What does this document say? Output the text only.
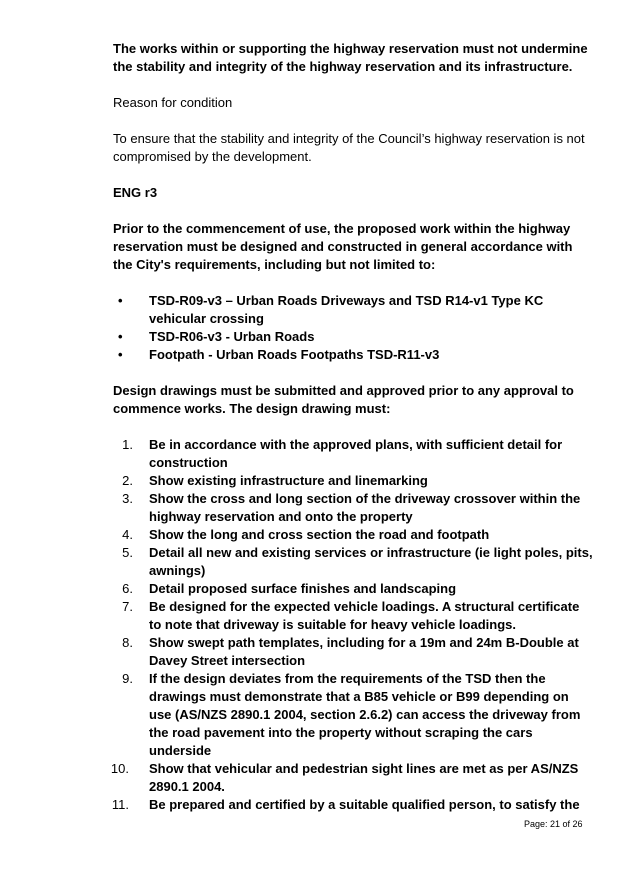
The works within or supporting the highway reservation must not undermine the stability and integrity of the highway reservation and its infrastructure.

Reason for condition

To ensure that the stability and integrity of the Council’s highway reservation is not compromised by the development.

ENG r3

Prior to the commencement of use, the proposed work within the highway reservation must be designed and constructed in general accordance with the City's requirements, including but not limited to:

• TSD-R09-v3 – Urban Roads Driveways and TSD R14-v1 Type KC vehicular crossing
• TSD-R06-v3 - Urban Roads
• Footpath - Urban Roads Footpaths TSD-R11-v3

Design drawings must be submitted and approved prior to any approval to commence works. The design drawing must:

1. Be in accordance with the approved plans, with sufficient detail for construction
2. Show existing infrastructure and linemarking
3. Show the cross and long section of the driveway crossover within the highway reservation and onto the property
4. Show the long and cross section the road and footpath
5. Detail all new and existing services or infrastructure (ie light poles, pits, awnings)
6. Detail proposed surface finishes and landscaping
7. Be designed for the expected vehicle loadings. A structural certificate to note that driveway is suitable for heavy vehicle loadings.
8. Show swept path templates, including for a 19m and 24m B-Double at Davey Street intersection
9. If the design deviates from the requirements of the TSD then the drawings must demonstrate that a B85 vehicle or B99 depending on use (AS/NZS 2890.1 2004, section 2.6.2) can access the driveway from the road pavement into the property without scraping the cars underside
10. Show that vehicular and pedestrian sight lines are met as per AS/NZS 2890.1 2004.
11. Be prepared and certified by a suitable qualified person, to satisfy the
Page: 21 of 26
